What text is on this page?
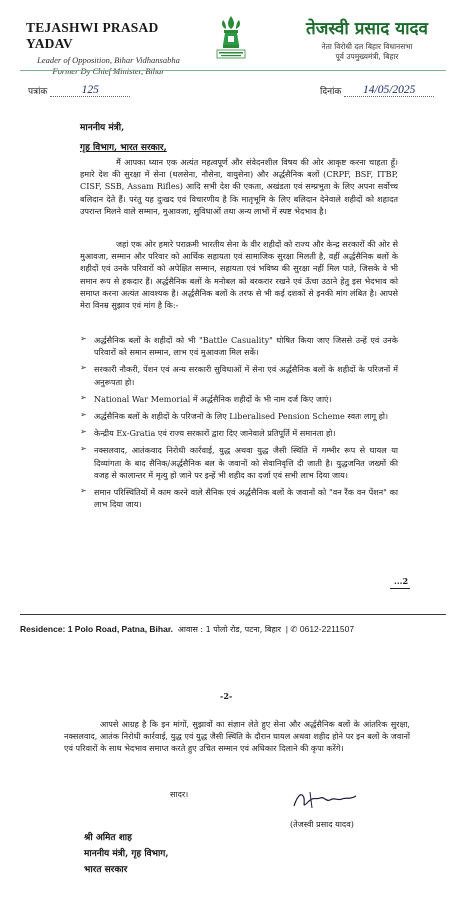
TEJASHWI PRASAD YADAV
Leader of Opposition, Bihar Vidhansabha
Former Dy Chief Minister, Bihar
तेजस्वी प्रसाद यादव
नेता विरोधी दल बिहार विधानसभा
पूर्व उपमुख्यमंत्री, बिहार
पत्रांक	125	दिनांक 14/05/2025
माननीय मंत्री,
गृह विभाग, भारत सरकार,
मैं आपका ध्यान एक अत्यंत महत्वपूर्ण और संवेदनशील विषय की ओर आकृष्ट करना चाहता हूँ। हमारे देश की सुरक्षा में सेना (थलसेना, नौसेना, वायुसेना) और अर्द्धसैनिक बलों (CRPF, BSF, ITBP, CISF, SSB, Assam Rifles) आदि सभी देश की एकता, अखंडता एवं सम्प्रभुता के लिए अपना सर्वोच्च बलिदान देते हैं। परंतु यह दुःखद एवं विचारणीय है कि मातृभूमि के लिए बलिदान देनेवाले शहीदों को शहादत उपरान्त मिलने वाले सम्मान, मुआवजा, सुविधाओं तथा अन्य लाभों में स्पष्ट भेदभाव है।
जहां एक ओर हमारे पराक्रमी भारतीय सेना के वीर शहीदों को राज्य और केन्द्र सरकारों की ओर से मुआवजा, सम्मान और परिवार को आर्थिक सहायता एवं सामाजिक सुरक्षा मिलती है, वहीं अर्द्धसैनिक बलों के शहीदों एवं उनके परिवारों को अपेक्षित सम्मान, सहायता एवं भविष्य की सुरक्षा नहीं मिल पाते, जिसके वे भी समान रूप से हकदार हैं। अर्द्धसैनिक बलों के मनोबल को बरकरार रखने एवं ऊँचा उठाने हेतु इस भेदभाव को समाप्त करना अत्यंत आवश्यक है। अर्द्धसैनिक बलों के तरफ से भी कई दशकों से इनकी मांग लंबित है। आपसे मेरा विनम्र सुझाव एवं मांग है कि:-
➢ अर्द्धसैनिक बलों के शहीदों को भी "Battle Casuality" घोषित किया जाए जिससे उन्हें एवं उनके परिवारों को समान सम्मान, लाभ एवं मुआवजा मिल सकें।
➢ सरकारी नौकरी, पेंशन एवं अन्य सरकारी सुविधाओं में सेना एवं अर्द्धसैनिक बलों के शहीदों के परिजनों में अनुरूपता हो।
➢ National War Memorial में अर्द्धसैनिक शहीदों के भी नाम दर्ज किए जाएं।
➢ अर्द्धसैनिक बलों के शहीदों के परिजनों के लिए Liberalised Pension Scheme स्वतः लागू हो।
➢ केन्द्रीय Ex-Gratia एवं राज्य सरकारों द्वारा दिए जानेवाले प्रतिपूर्ति में समानता हो।
➢ नक्सलवाद, आतंकवाद निरोधी कार्रवाई, युद्ध अथवा युद्ध जैसी स्थिति में गम्भीर रूप से घायल या दिव्यांगता के बाद सैनिक/अर्द्धसैनिक बल के जवानों को सेवानिवृत्ति दी जाती है। युद्धजनित जख्मों की वजह से कालान्तर में मृत्यु हो जाने पर इन्हें भी शहीद का दर्जा एवं सभी लाभ दिया जाय।
➢ समान परिस्थितियों में काम करने वाले सैनिक एवं अर्द्धसैनिक बलों के जवानों को "वन रैंक वन पेंशन" का लाभ दिया जाय।
...2
Residence: 1 Polo Road, Patna, Bihar. आवास : 1 पोलो रोड, पटना, बिहार  | ✆ 0612-2211507
-2-
आपसे आग्रह है कि इन मांगों, सुझावों का संज्ञान लेते हुए सेना और अर्द्धसैनिक बलों के आंतरिक सुरक्षा, नक्सलवाद, आतंक निरोधी कार्रवाई, युद्ध एवं युद्ध जैसी स्थिति के दौरान घायल अथवा शहीद होने पर इन बलों के जवानों एवं परिवारों के साथ भेदभाव समाप्त करते हुए उचित सम्मान एवं अधिकार दिलाने की कृपा करेंगे।
सादर।
(तेजस्वी प्रसाद यादव)
श्री अमित शाह
माननीय मंत्री, गृह विभाग,
भारत सरकार
